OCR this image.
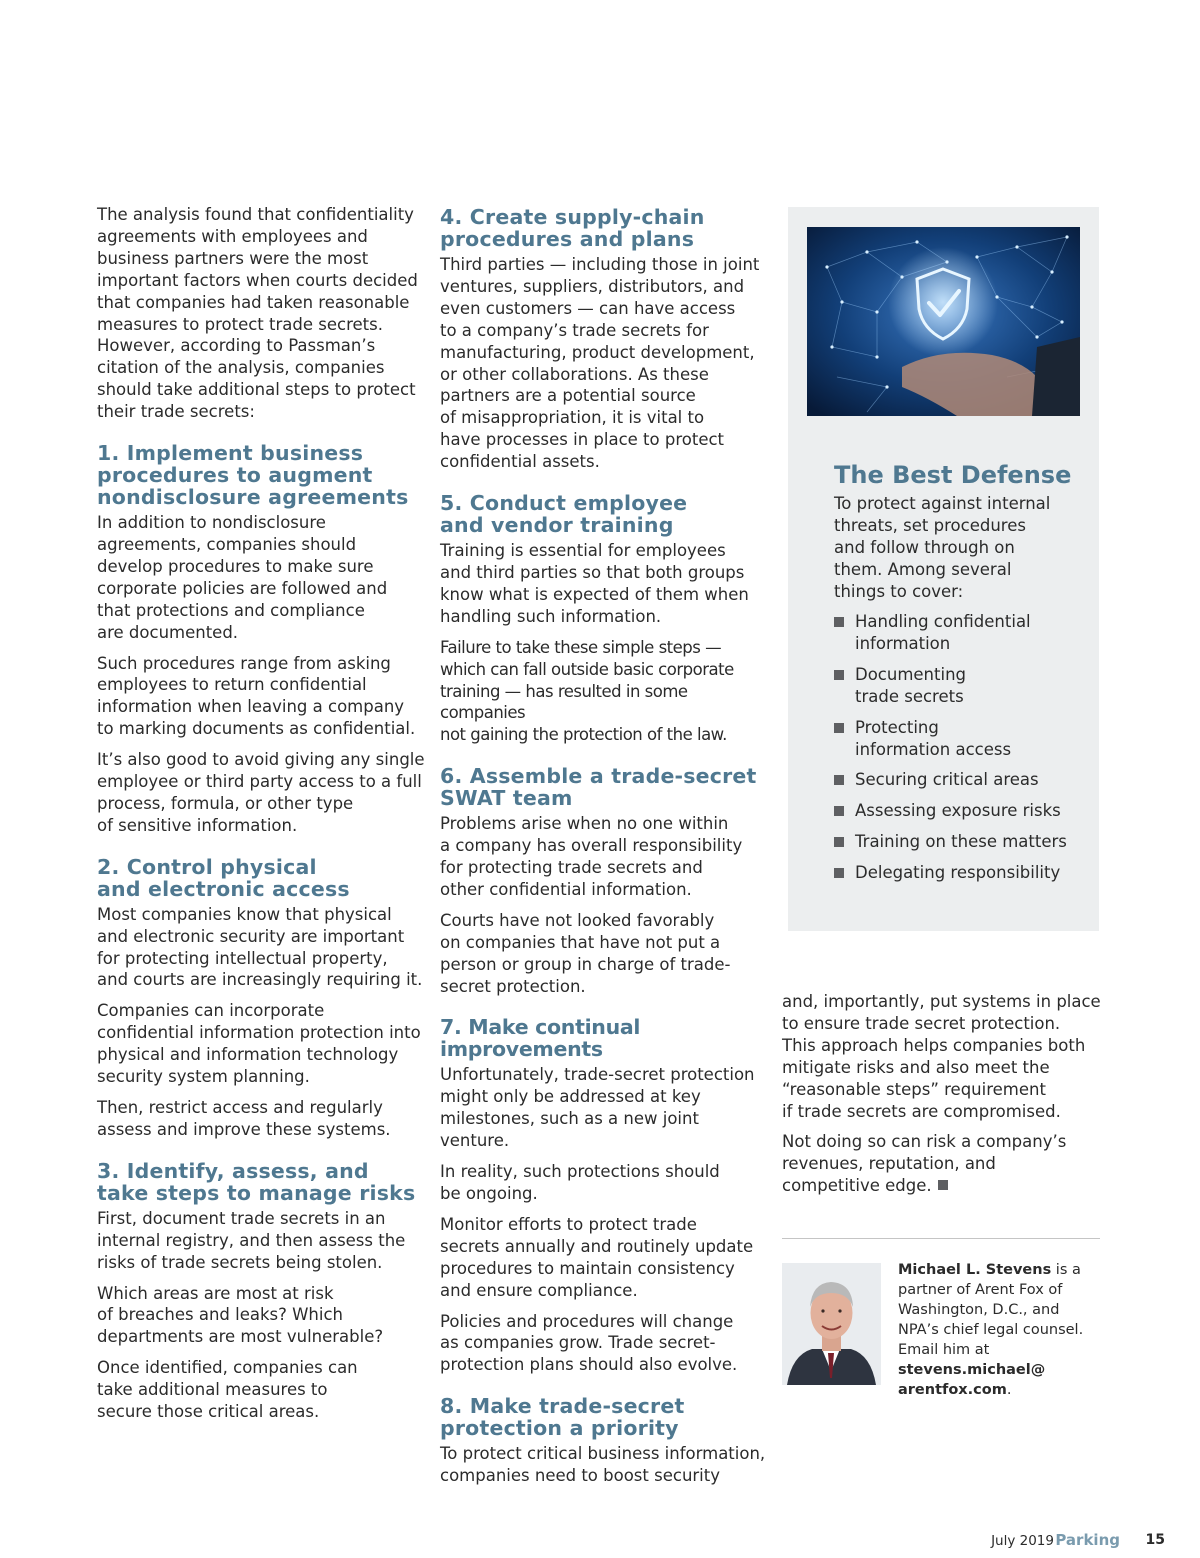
The analysis found that confidentiality
agreements with employees and
business partners were the most
important factors when courts decided
that companies had taken reasonable
measures to protect trade secrets.
However, according to Passman’s
citation of the analysis, companies
should take additional steps to protect
their trade secrets:

1. Implement business
procedures to augment
nondisclosure agreements

In addition to nondisclosure
agreements, companies should
develop procedures to make sure
corporate policies are followed and
that protections and compliance
are documented.

Such procedures range from asking
employees to return confidential
information when leaving a company
to marking documents as confidential.

It’s also good to avoid giving any single
employee or third party access to a full
process, formula, or other type
of sensitive information.

2. Control physical
and electronic access

Most companies know that physical
and electronic security are important
for protecting intellectual property,
and courts are increasingly requiring it.

Companies can incorporate
confidential information protection into
physical and information technology
security system planning.

Then, restrict access and regularly
assess and improve these systems.

3. Identify, assess, and
take steps to manage risks

First, document trade secrets in an
internal registry, and then assess the
risks of trade secrets being stolen.

Which areas are most at risk
of breaches and leaks? Which
departments are most vulnerable?

Once identified, companies can
take additional measures to
secure those critical areas.

4. Create supply-chain
procedures and plans

Third parties — including those in joint
ventures, suppliers, distributors, and
even customers — can have access
to a company’s trade secrets for
manufacturing, product development,
or other collaborations. As these
partners are a potential source
of misappropriation, it is vital to
have processes in place to protect
confidential assets.

5. Conduct employee
and vendor training

Training is essential for employees
and third parties so that both groups
know what is expected of them when
handling such information.

Failure to take these simple steps —
which can fall outside basic corporate
training — has resulted in some companies
not gaining the protection of the law.

6. Assemble a trade-secret
SWAT team

Problems arise when no one within
a company has overall responsibility
for protecting trade secrets and
other confidential information.

Courts have not looked favorably
on companies that have not put a
person or group in charge of trade-
secret protection.

7. Make continual improvements

Unfortunately, trade-secret protection
might only be addressed at key
milestones, such as a new joint venture.

In reality, such protections should
be ongoing.

Monitor efforts to protect trade
secrets annually and routinely update
procedures to maintain consistency
and ensure compliance.

Policies and procedures will change
as companies grow. Trade secret-
protection plans should also evolve.

8. Make trade-secret
protection a priority

To protect critical business information,
companies need to boost security

The Best Defense

To protect against internal
threats, set procedures
and follow through on
them. Among several
things to cover:

Handling confidential
information
Documenting
trade secrets
Protecting
information access
Securing critical areas
Assessing exposure risks
Training on these matters
Delegating responsibility

and, importantly, put systems in place
to ensure trade secret protection.
This approach helps companies both
mitigate risks and also meet the
“reasonable steps” requirement
if trade secrets are compromised.

Not doing so can risk a company’s
revenues, reputation, and
competitive edge.

Michael L. Stevens is a partner of Arent Fox of Washington, D.C., and NPA’s chief legal counsel. Email him at stevens.michael@ arentfox.com.

July 2019 Parking 15
